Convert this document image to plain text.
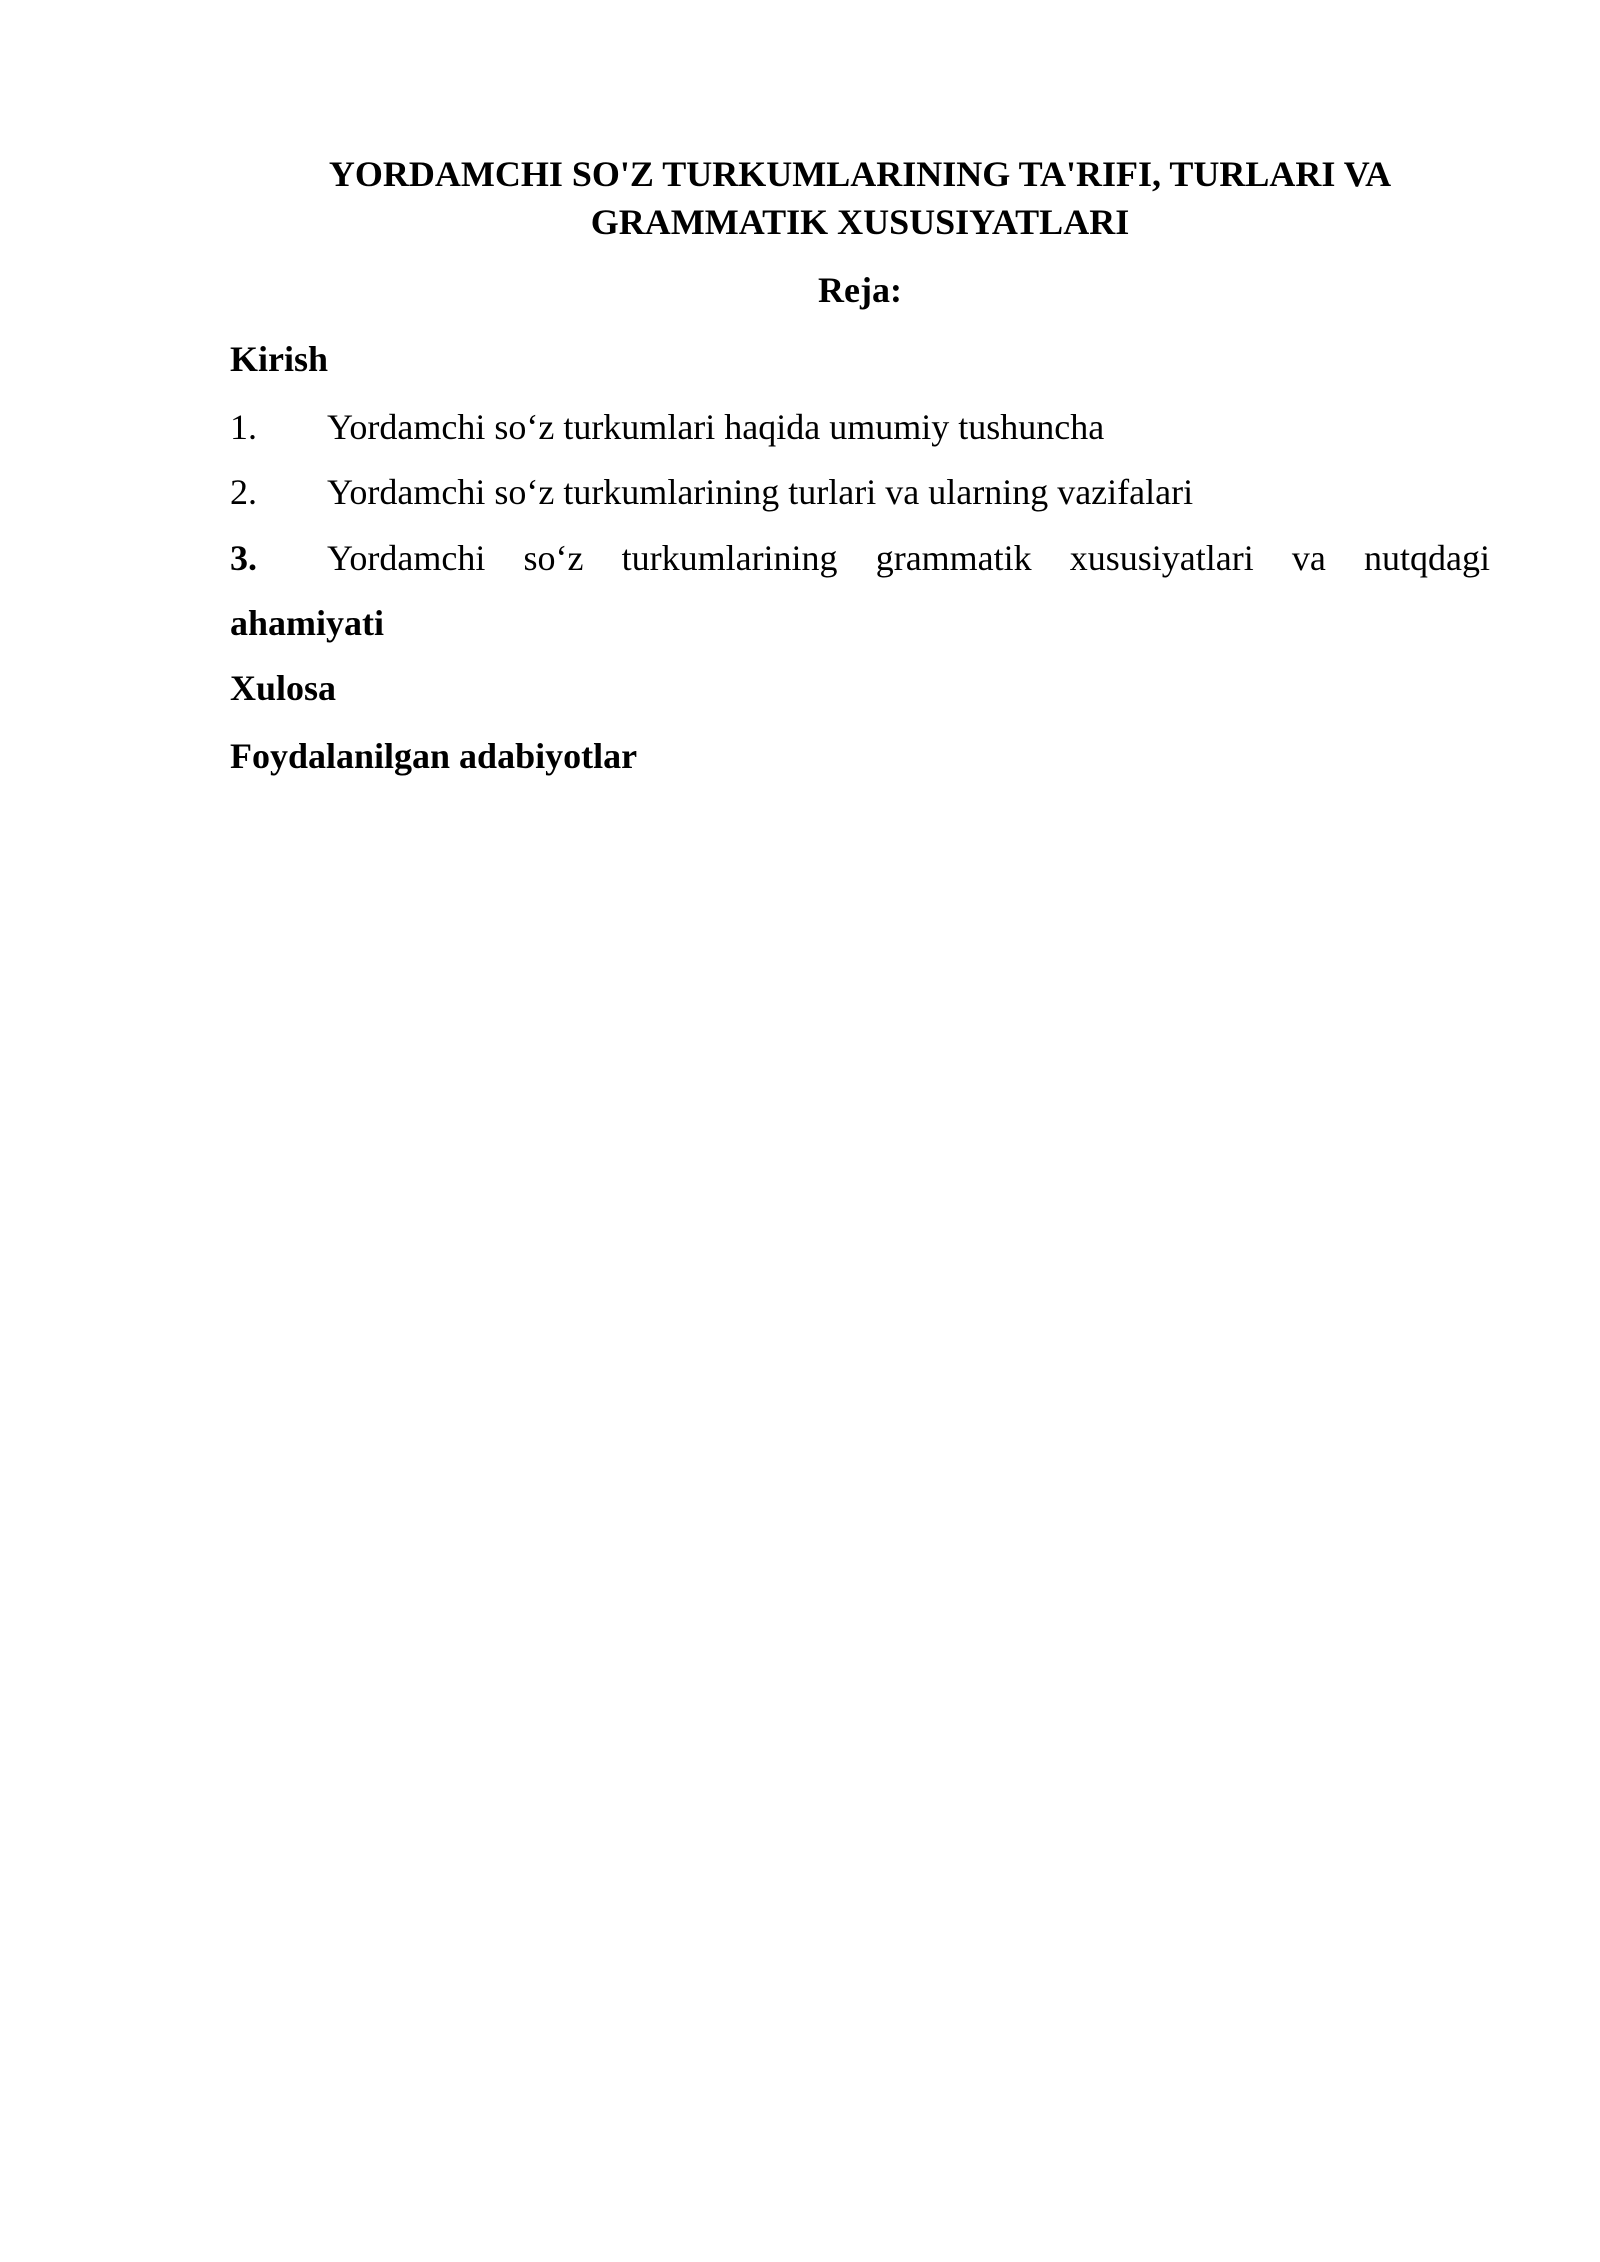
YORDAMCHI SO'Z TURKUMLARINING TA'RIFI, TURLARI VA
GRAMMATIK XUSUSIYATLARI
Reja:
Kirish
1. Yordamchi so‘z turkumlari haqida umumiy tushuncha
2. Yordamchi so‘z turkumlarining turlari va ularning vazifalari
3. Yordamchi so‘z turkumlarining grammatik xususiyatlari va nutqdagi
ahamiyati
Xulosa
Foydalanilgan adabiyotlar
